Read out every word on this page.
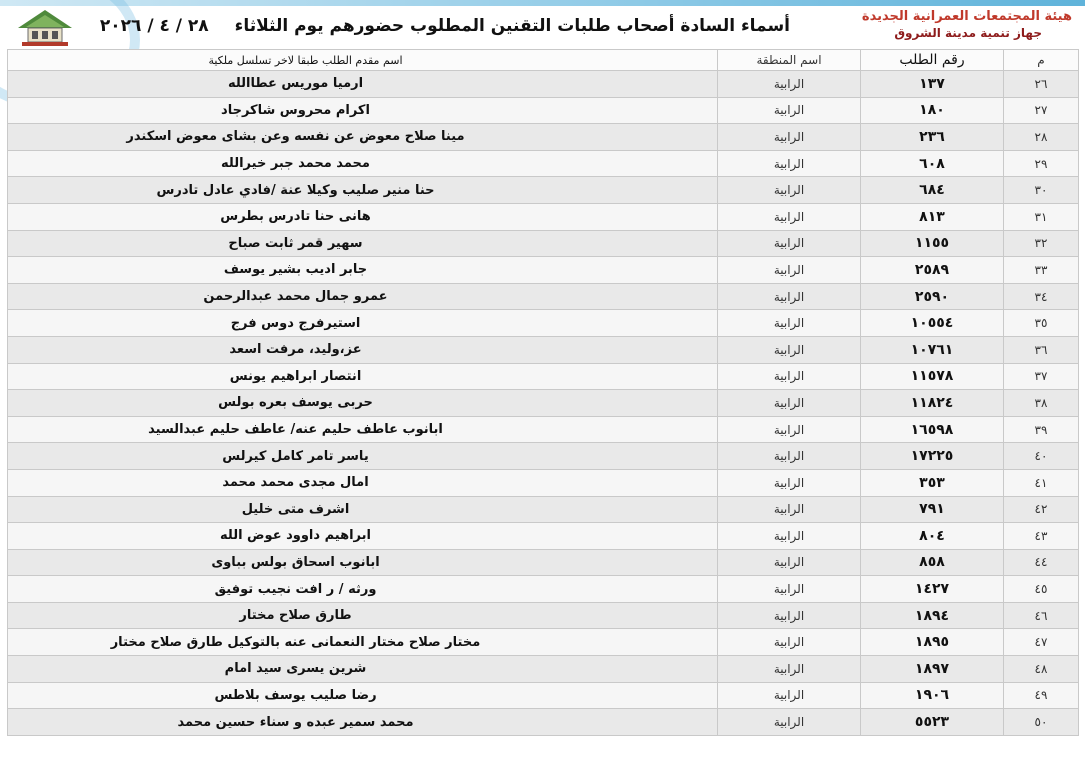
هيئة المجتمعات العمرانية الجديدة
جهاز تنمية مدينة الشروق
أسماء السادة أصحاب طلبات التقنين المطلوب حضورهم يوم الثلاثاء٢٨ / ٤ / ٢٠٢٦
م	رقم الطلب	اسم المنطقة	اسم مقدم الطلب طبقا لاخر تسلسل ملكية
٢٦	١٣٧	الرابية	ارميا موريس عطاالله
٢٧	١٨٠	الرابية	اكرام محروس شاكرجاد
٢٨	٢٣٦	الرابية	مينا صلاح معوض عن نفسه وعن بشاى معوض اسكندر
٢٩	٦٠٨	الرابية	محمد محمد جبر خيرالله
٣٠	٦٨٤	الرابية	حنا منير صليب وكيلا عنة /فادي عادل تادرس
٣١	٨١٣	الرابية	هانى حنا تادرس بطرس
٣٢	١١٥٥	الرابية	سهير قمر ثابت صباح
٣٣	٢٥٨٩	الرابية	جابر اديب بشير يوسف
٣٤	٢٥٩٠	الرابية	عمرو جمال محمد عبدالرحمن
٣٥	١٠٥٥٤	الرابية	استيرفرج دوس فرج
٣٦	١٠٧٦١	الرابية	عز،وليد، مرفت اسعد
٣٧	١١٥٧٨	الرابية	انتصار ابراهيم يونس
٣٨	١١٨٢٤	الرابية	حربى يوسف بعره بولس
٣٩	١٦٥٩٨	الرابية	ابانوب عاطف حليم عنه/ عاطف حليم عبدالسيد
٤٠	١٧٢٢٥	الرابية	ياسر تامر كامل كيرلس
٤١	٣٥٣	الرابية	امال مجدى محمد محمد
٤٢	٧٩١	الرابية	اشرف متى خليل
٤٣	٨٠٤	الرابية	ابراهيم داوود عوض الله
٤٤	٨٥٨	الرابية	ابانوب اسحاق بولس بباوى
٤٥	١٤٢٧	الرابية	ورثه / ر افت نجيب توفيق
٤٦	١٨٩٤	الرابية	طارق صلاح مختار
٤٧	١٨٩٥	الرابية	مختار صلاح مختار النعمانى عنه بالتوكيل طارق صلاح مختار
٤٨	١٨٩٧	الرابية	شرين يسرى سيد امام
٤٩	١٩٠٦	الرابية	رضا صليب يوسف بلاطس
٥٠	٥٥٢٣	الرابية	محمد سمير عبده و سناء حسين محمد
